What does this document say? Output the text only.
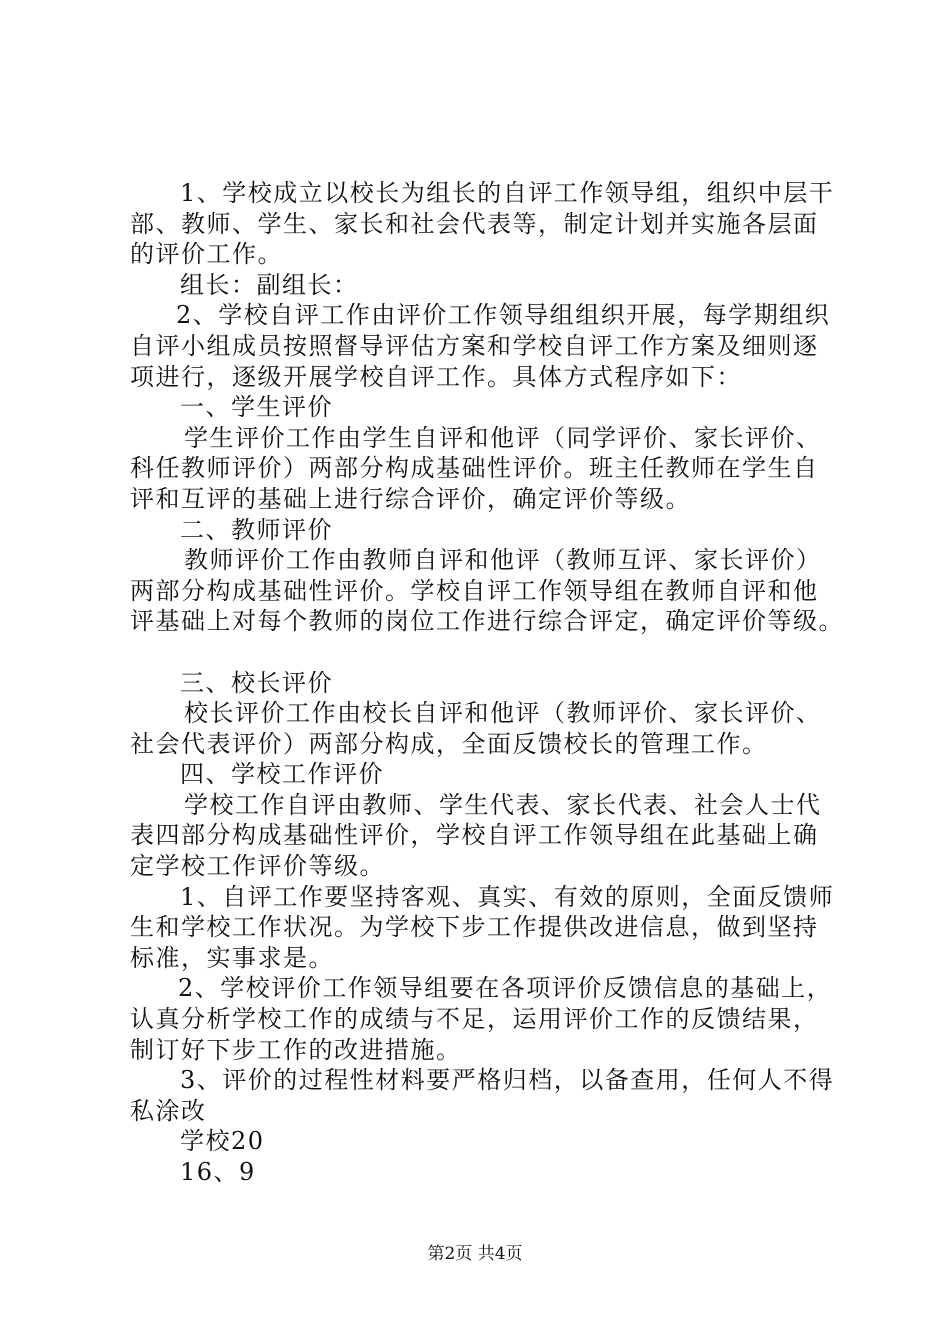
1、学校成立以校长为组长的自评工作领导组，组织中层干
部、教师、学生、家长和社会代表等，制定计划并实施各层面
的评价工作。
组长：副组长：
2、学校自评工作由评价工作领导组组织开展，每学期组织
自评小组成员按照督导评估方案和学校自评工作方案及细则逐
项进行，逐级开展学校自评工作。具体方式程序如下：
一、学生评价
学生评价工作由学生自评和他评（同学评价、家长评价、
科任教师评价）两部分构成基础性评价。班主任教师在学生自
评和互评的基础上进行综合评价，确定评价等级。
二、教师评价
教师评价工作由教师自评和他评（教师互评、家长评价）
两部分构成基础性评价。学校自评工作领导组在教师自评和他
评基础上对每个教师的岗位工作进行综合评定，确定评价等级。
三、校长评价
校长评价工作由校长自评和他评（教师评价、家长评价、
社会代表评价）两部分构成，全面反馈校长的管理工作。
四、学校工作评价
学校工作自评由教师、学生代表、家长代表、社会人士代
表四部分构成基础性评价，学校自评工作领导组在此基础上确
定学校工作评价等级。
1、自评工作要坚持客观、真实、有效的原则，全面反馈师
生和学校工作状况。为学校下步工作提供改进信息，做到坚持
标准，实事求是。
2、学校评价工作领导组要在各项评价反馈信息的基础上，
认真分析学校工作的成绩与不足，运用评价工作的反馈结果，
制订好下步工作的改进措施。
3、评价的过程性材料要严格归档，以备查用，任何人不得
私涂改
学校20
16、9
第2页 共4页
